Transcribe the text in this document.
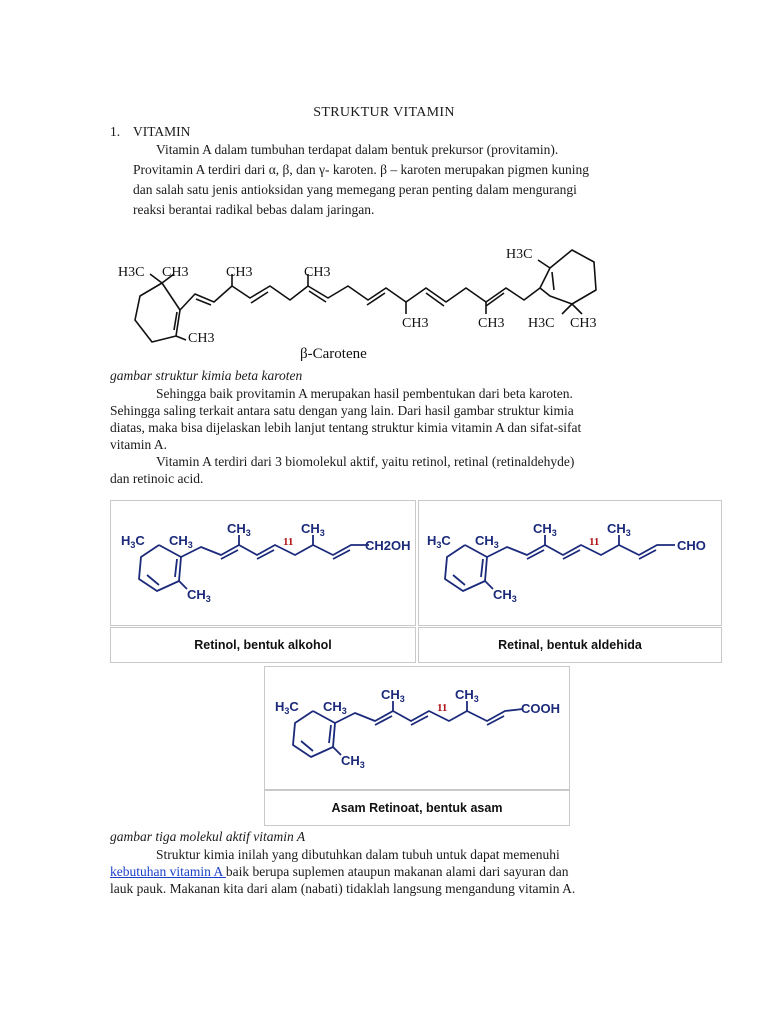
STRUKTUR VITAMIN
1. VITAMIN
Vitamin A dalam tumbuhan terdapat dalam bentuk prekursor (provitamin).
Provitamin A terdiri dari α, β, dan γ- karoten. β – karoten merupakan pigmen kuning
dan salah satu jenis antioksidan yang memegang peran penting dalam mengurangi
reaksi berantai radikal bebas dalam jaringan.
H3C CH3	CH3	CH3
CH3
CH3	CH3 H3C CH3
H3C
β-Carotene
gambar struktur kimia beta karoten
Sehingga baik provitamin A merupakan hasil pembentukan dari beta karoten.
Sehingga saling terkait antara satu dengan yang lain. Dari hasil gambar struktur kimia
diatas, maka bisa dijelaskan lebih lanjut tentang struktur kimia vitamin A dan sifat-sifat
vitamin A.
Vitamin A terdiri dari 3 biomolekul aktif, yaitu retinol, retinal (retinaldehyde)
dan retinoic acid.
$H_3C$ $CH_3$
$CH_3$	$CH_3$
$CH_3$
11	CH2OH
Retinol, bentuk alkohol
$H_3C$ $CH_3$
$CH_3$	$CH_3$
$CH_3$
11	CHO
Retinal, bentuk aldehida
$H_3C$ $CH_3$
$CH_3$	$CH_3$
$CH_3$
11	COOH
Asam Retinoat, bentuk asam
gambar tiga molekul aktif vitamin A
Struktur kimia inilah yang dibutuhkan dalam tubuh untuk dapat memenuhi
kebutuhan vitamin A baik berupa suplemen ataupun makanan alami dari sayuran dan
lauk pauk. Makanan kita dari alam (nabati) tidaklah langsung mengandung vitamin A.
